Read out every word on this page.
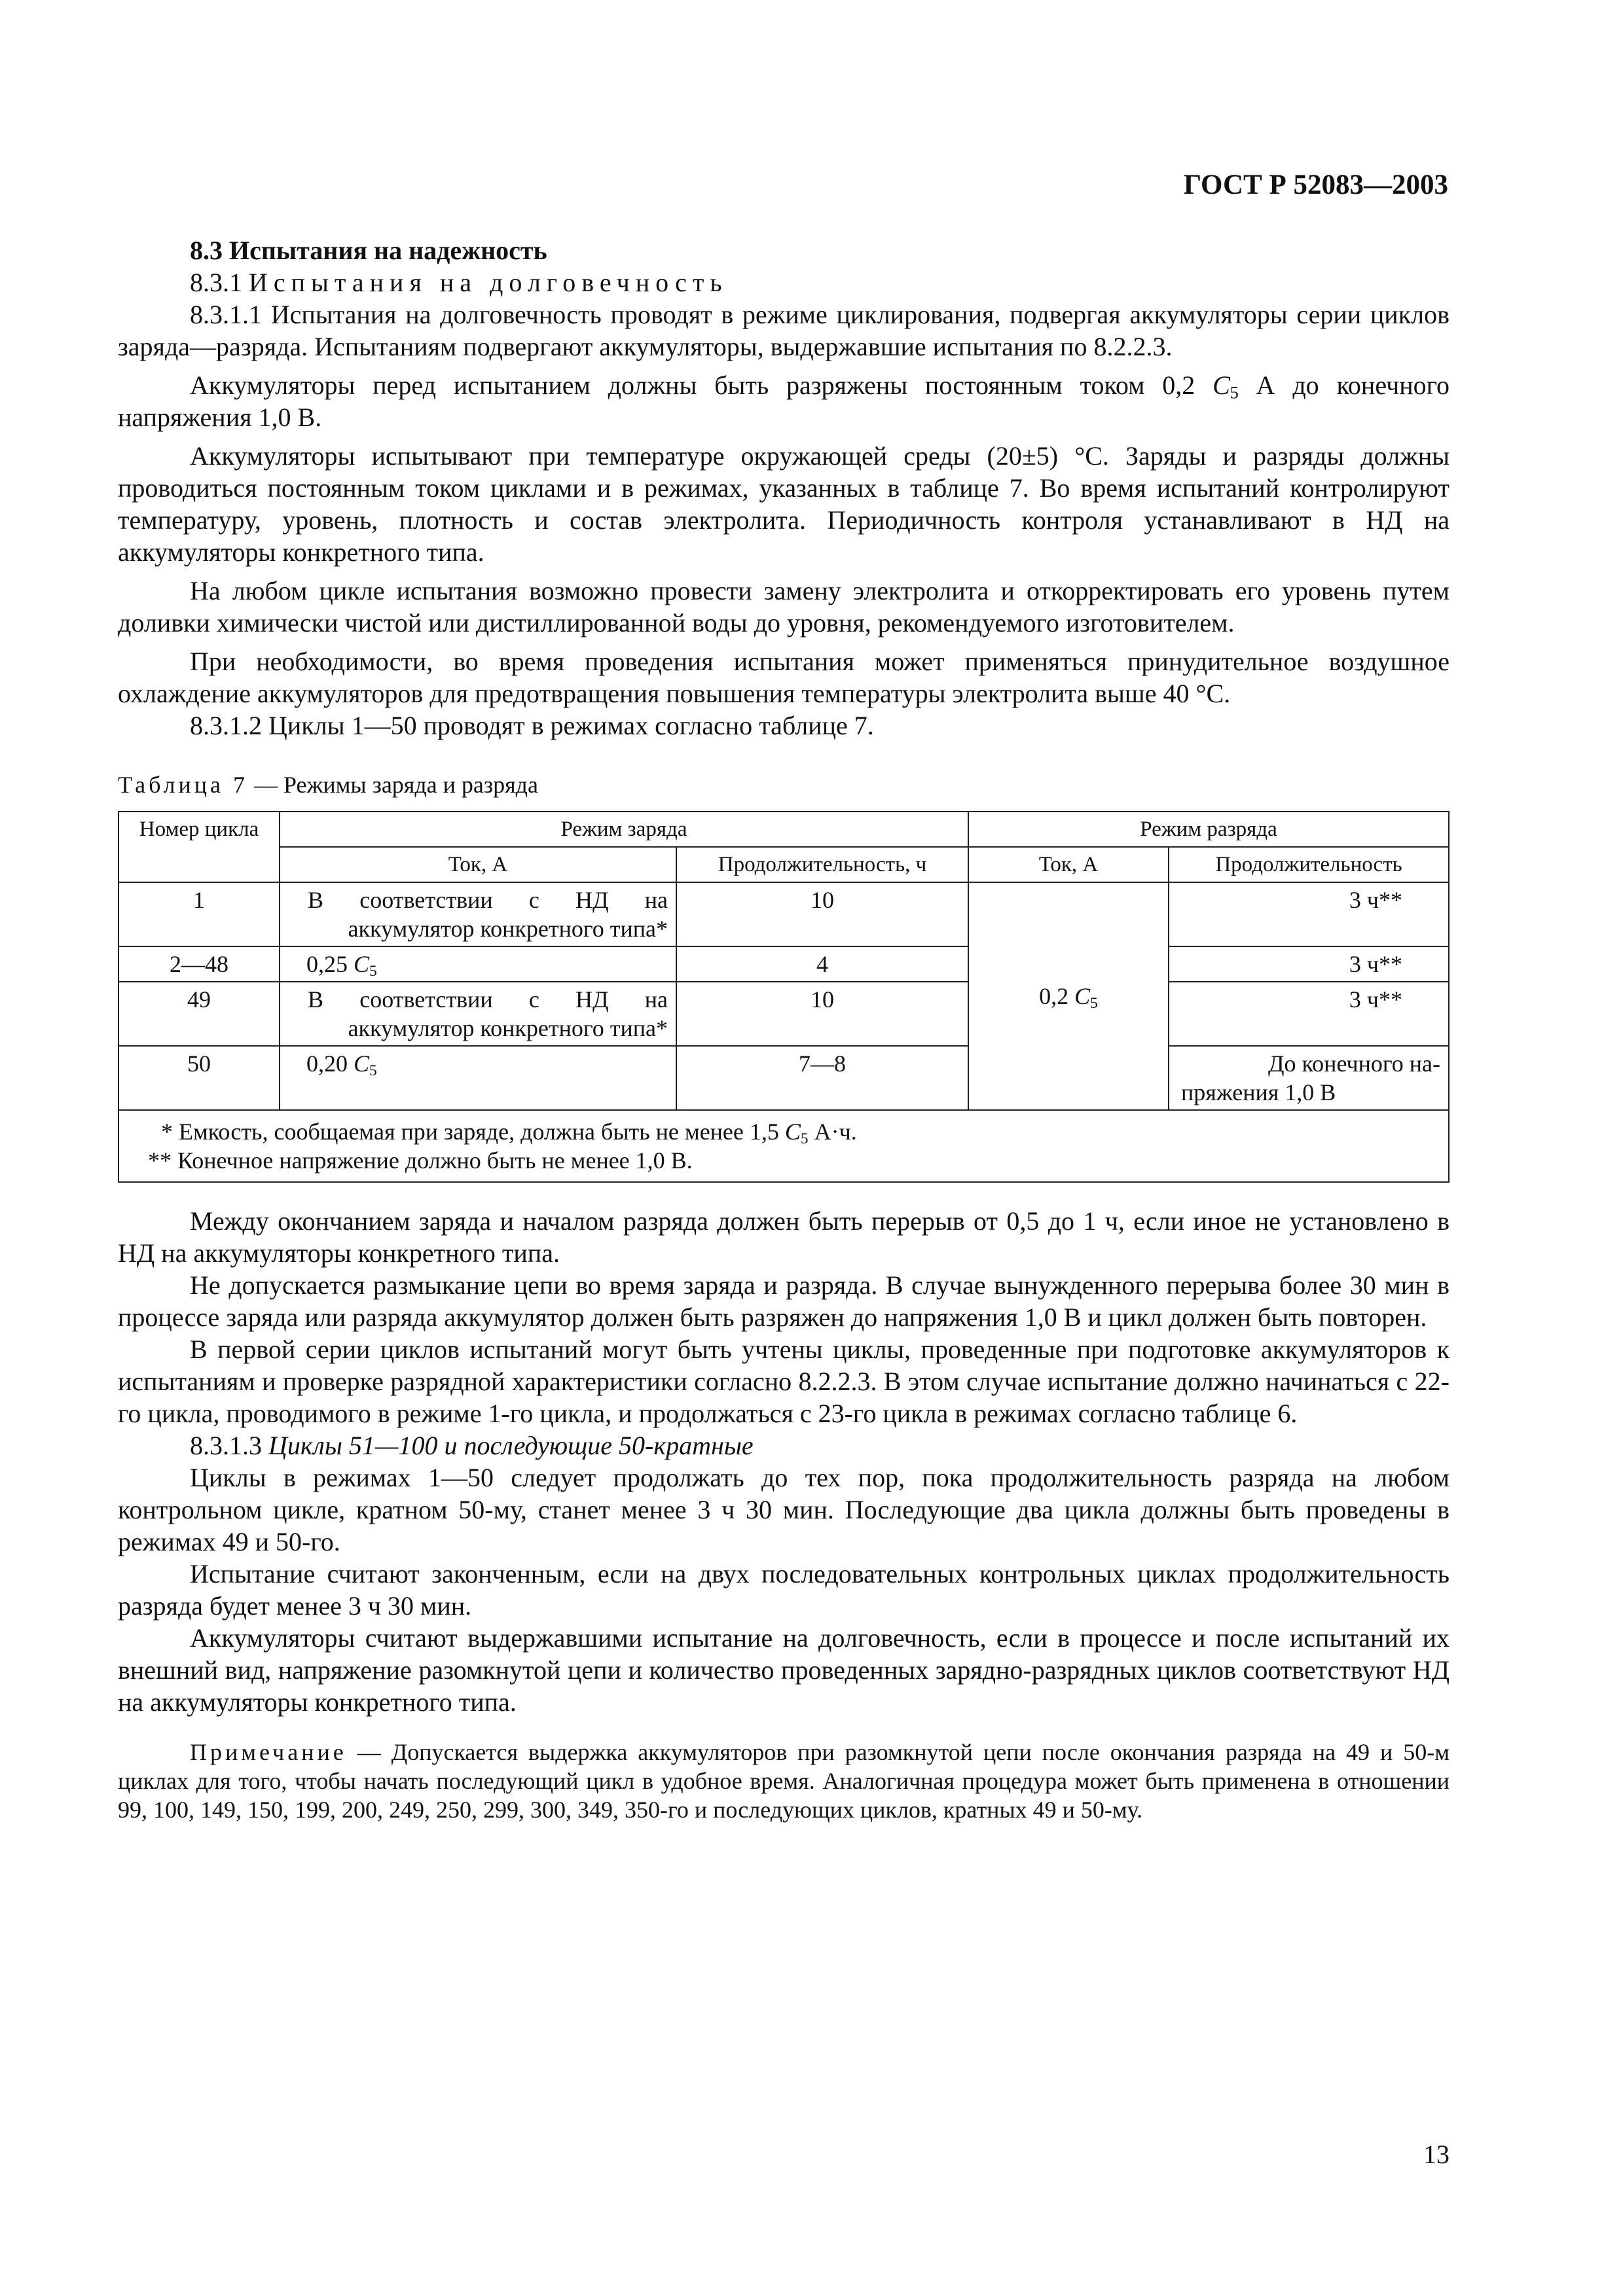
ГОСТ Р 52083—2003

8.3 Испытания на надежность

8.3.1 Испытания на долговечность

8.3.1.1 Испытания на долговечность проводят в режиме циклирования, подвергая аккумуляторы серии циклов заряда—разряда. Испытаниям подвергают аккумуляторы, выдержавшие испытания по 8.2.2.3.

Аккумуляторы перед испытанием должны быть разряжены постоянным током 0,2 $C_5$ А до конечного напряжения 1,0 В.

Аккумуляторы испытывают при температуре окружающей среды (20±5) °С. Заряды и разряды должны проводиться постоянным током циклами и в режимах, указанных в таблице 7. Во время испытаний контролируют температуру, уровень, плотность и состав электролита. Периодичность контроля устанавливают в НД на аккумуляторы конкретного типа.

На любом цикле испытания возможно провести замену электролита и откорректировать его уровень путем доливки химически чистой или дистиллированной воды до уровня, рекомендуемого изготовителем.

При необходимости, во время проведения испытания может применяться принудительное воздушное охлаждение аккумуляторов для предотвращения повышения температуры электролита выше 40 °С.

8.3.1.2 Циклы 1—50 проводят в режимах согласно таблице 7.

Таблица 7 — Режимы заряда и разряда
Номер цикла	Режим заряда		Режим разряда	
	Ток, А	Продолжительность, ч	Ток, А	Продолжительность
1	В соответствии с НД на
аккумулятор конкретного типа*	10	0,2 $C_5$	3 ч**
2—48	0,25 $C_5$	4		3 ч**
49	В соответствии с НД на
аккумулятор конкретного типа*	10		3 ч**
50	0,20 $C_5$	7—8		До конечного на-
пряжения 1,0 В

* Емкость, сообщаемая при заряде, должна быть не менее 1,5 $C_5$ А·ч.
** Конечное напряжение должно быть не менее 1,0 В.				

Между окончанием заряда и началом разряда должен быть перерыв от 0,5 до 1 ч, если иное не установлено в НД на аккумуляторы конкретного типа.

Не допускается размыкание цепи во время заряда и разряда. В случае вынужденного перерыва более 30 мин в процессе заряда или разряда аккумулятор должен быть разряжен до напряжения 1,0 В и цикл должен быть повторен.

В первой серии циклов испытаний могут быть учтены циклы, проведенные при подготовке аккумуляторов к испытаниям и проверке разрядной характеристики согласно 8.2.2.3. В этом случае испытание должно начинаться с 22-го цикла, проводимого в режиме 1-го цикла, и продолжаться с 23-го цикла в режимах согласно таблице 6.

8.3.1.3 Циклы 51—100 и последующие 50-кратные

Циклы в режимах 1—50 следует продолжать до тех пор, пока продолжительность разряда на любом контрольном цикле, кратном 50-му, станет менее 3 ч 30 мин. Последующие два цикла должны быть проведены в режимах 49 и 50-го.

Испытание считают законченным, если на двух последовательных контрольных циклах продолжительность разряда будет менее 3 ч 30 мин.

Аккумуляторы считают выдержавшими испытание на долговечность, если в процессе и после испытаний их внешний вид, напряжение разомкнутой цепи и количество проведенных зарядно-разрядных циклов соответствуют НД на аккумуляторы конкретного типа.

Примечание — Допускается выдержка аккумуляторов при разомкнутой цепи после окончания разряда на 49 и 50-м циклах для того, чтобы начать последующий цикл в удобное время. Аналогичная процедура может быть применена в отношении 99, 100, 149, 150, 199, 200, 249, 250, 299, 300, 349, 350-го и последующих циклов, кратных 49 и 50-му.

13
